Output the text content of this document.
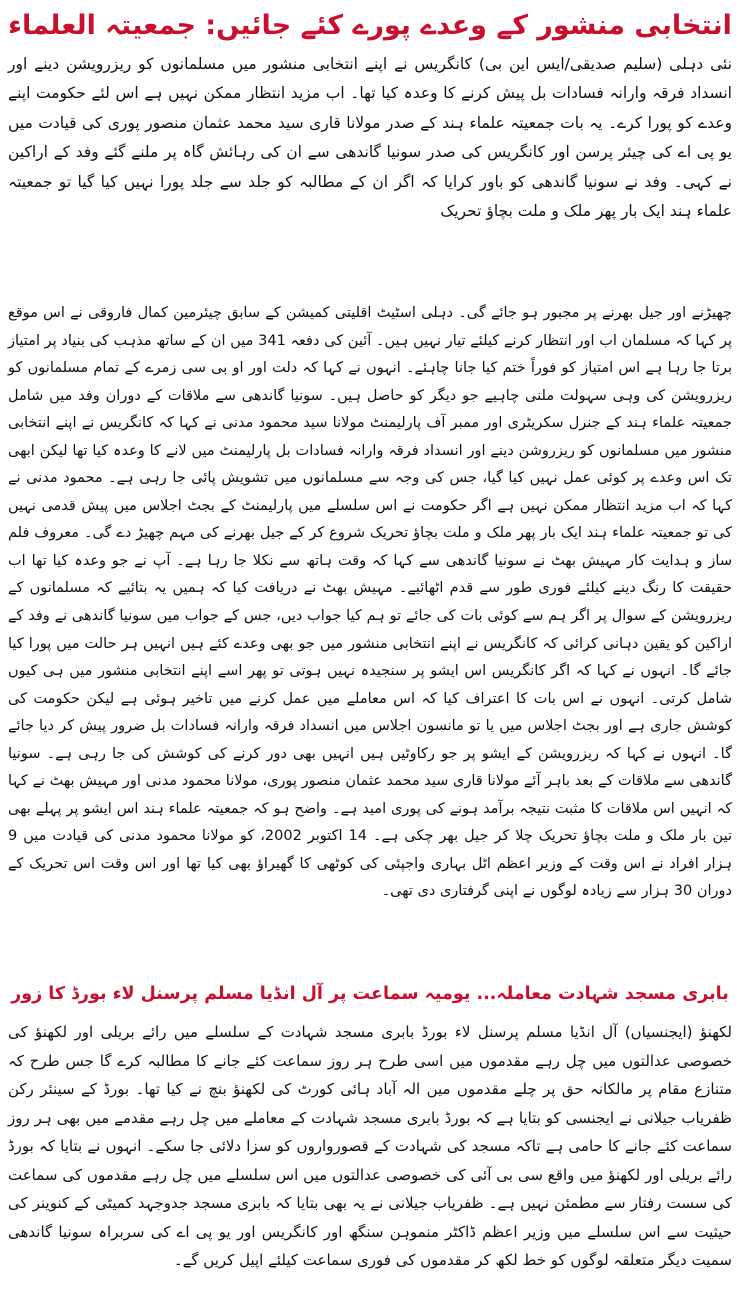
انتخابی منشور کے وعدے پورے کئے جائیں: جمعیتہ العلماء
نئی دہلی (سلیم صدیقی/ایس این بی) کانگریس نے اپنے انتخابی منشور میں مسلمانوں کو ریزرویشن دینے اور انسداد فرقہ وارانہ فسادات بل پیش کرنے کا وعدہ کیا تھا۔ اب مزید انتظار ممکن نہیں ہے اس لئے حکومت اپنے وعدے کو پورا کرے۔ یہ بات جمعیتہ علماء ہند کے صدر مولانا قاری سید محمد عثمان منصور پوری کی قیادت میں یو پی اے کی چیئر پرسن اور کانگریس کی صدر سونیا گاندھی سے ان کی رہائش گاہ پر ملنے گئے وفد کے اراکین نے کہی۔ وفد نے سونیا گاندھی کو باور کرایا کہ اگر ان کے مطالبہ کو جلد سے جلد پورا نہیں کیا گیا تو جمعیتہ علماء ہند ایک بار پھر ملک و ملت بچاؤ تحریک
چھیڑنے اور جیل بھرنے پر مجبور ہو جائے گی۔ دہلی اسٹیٹ اقلیتی کمیشن کے سابق چیئرمین کمال فاروقی نے اس موقع پر کہا کہ مسلمان اب اور انتظار کرنے کیلئے تیار نہیں ہیں۔ آئین کی دفعہ 341 میں ان کے ساتھ مذہب کی بنیاد پر امتیاز برتا جا رہا ہے اس امتیاز کو فوراً ختم کیا جانا چاہئے۔ انہوں نے کہا کہ دلت اور او بی سی زمرے کے تمام مسلمانوں کو ریزرویشن کی وہی سہولت ملنی چاہیے جو دیگر کو حاصل ہیں۔ سونیا گاندھی سے ملاقات کے دوران وفد میں شامل جمعیتہ علماء ہند کے جنرل سکریٹری اور ممبر آف پارلیمنٹ مولانا سید محمود مدنی نے کہا کہ کانگریس نے اپنے انتخابی منشور میں مسلمانوں کو ریزروشن دینے اور انسداد فرقہ وارانہ فسادات بل پارلیمنٹ میں لانے کا وعدہ کیا تھا لیکن ابھی تک اس وعدے پر کوئی عمل نہیں کیا گیا، جس کی وجہ سے مسلمانوں میں تشویش پائی جا رہی ہے۔ محمود مدنی نے کہا کہ اب مزید انتظار ممکن نہیں ہے اگر حکومت نے اس سلسلے میں پارلیمنٹ کے بجٹ اجلاس میں پیش قدمی نہیں کی تو جمعیتہ علماء ہند ایک بار پھر ملک و ملت بچاؤ تحریک شروع کر کے جیل بھرنے کی مہم چھیڑ دے گی۔ معروف فلم ساز و ہدایت کار مہیش بھٹ نے سونیا گاندھی سے کہا کہ وقت ہاتھ سے نکلا جا رہا ہے۔ آپ نے جو وعدہ کیا تھا اب حقیقت کا رنگ دینے کیلئے فوری طور سے قدم اٹھائیے۔ مہیش بھٹ نے دریافت کیا کہ ہمیں یہ بتائیے کہ مسلمانوں کے ریزرویشن کے سوال پر اگر ہم سے کوئی بات کی جائے تو ہم کیا جواب دیں، جس کے جواب میں سونیا گاندھی نے وفد کے اراکین کو یقین دہانی کرائی کہ کانگریس نے اپنے انتخابی منشور میں جو بھی وعدے کئے ہیں انہیں ہر حالت میں پورا کیا جائے گا۔ انہوں نے کہا کہ اگر کانگریس اس ایشو پر سنجیدہ نہیں ہوتی تو پھر اسے اپنے انتخابی منشور میں ہی کیوں شامل کرتی۔ انہوں نے اس بات کا اعتراف کیا کہ اس معاملے میں عمل کرنے میں تاخیر ہوئی ہے لیکن حکومت کی کوشش جاری ہے اور بجٹ اجلاس میں یا تو مانسون اجلاس میں انسداد فرقہ وارانہ فسادات بل ضرور پیش کر دیا جائے گا۔ انہوں نے کہا کہ ریزرویشن کے ایشو پر جو رکاوٹیں ہیں انہیں بھی دور کرنے کی کوشش کی جا رہی ہے۔ سونیا گاندھی سے ملاقات کے بعد باہر آئے مولانا قاری سید محمد عثمان منصور پوری، مولانا محمود مدنی اور مہیش بھٹ نے کہا کہ انہیں اس ملاقات کا مثبت نتیجہ برآمد ہونے کی پوری امید ہے۔ واضح ہو کہ جمعیتہ علماء ہند اس ایشو پر پہلے بھی تین بار ملک و ملت بچاؤ تحریک چلا کر جیل بھر چکی ہے۔ 14 اکتوبر 2002، کو مولانا محمود مدنی کی قیادت میں 9 ہزار افراد نے اس وقت کے وزیر اعظم اٹل بہاری واجپئی کی کوٹھی کا گھیراؤ بھی کیا تھا اور اس وقت اس تحریک کے دوران 30 ہزار سے زیادہ لوگوں نے اپنی گرفتاری دی تھی۔
بابری مسجد شہادت معاملہ... یومیہ سماعت پر آل انڈیا مسلم پرسنل لاء بورڈ کا زور
لکھنؤ (ایجنسیاں) آل انڈیا مسلم پرسنل لاء بورڈ بابری مسجد شہادت کے سلسلے میں رائے بریلی اور لکھنؤ کی خصوصی عدالتوں میں چل رہے مقدموں میں اسی طرح ہر روز سماعت کئے جانے کا مطالبہ کرے گا جس طرح کہ متنازع مقام پر مالکانہ حق پر چلے مقدموں میں الہ آباد ہائی کورٹ کی لکھنؤ بنچ نے کیا تھا۔ بورڈ کے سینئر رکن ظفریاب جیلانی نے ایجنسی کو بتایا ہے کہ بورڈ بابری مسجد شہادت کے معاملے میں چل رہے مقدمے میں بھی ہر روز سماعت کئے جانے کا حامی ہے تاکہ مسجد کی شہادت کے قصورواروں کو سزا دلائی جا سکے۔ انہوں نے بتایا کہ بورڈ رائے بریلی اور لکھنؤ میں واقع سی بی آئی کی خصوصی عدالتوں میں اس سلسلے میں چل رہے مقدموں کی سماعت کی سست رفتار سے مطمئن نہیں ہے۔ ظفریاب جیلانی نے یہ بھی بتایا کہ بابری مسجد جدوجہد کمیٹی کے کنوینر کی حیثیت سے اس سلسلے میں وزیر اعظم ڈاکٹر منموہن سنگھ اور کانگریس اور یو پی اے کی سربراہ سونیا گاندھی سمیت دیگر متعلقہ لوگوں کو خط لکھ کر مقدموں کی فوری سماعت کیلئے اپیل کریں گے۔
